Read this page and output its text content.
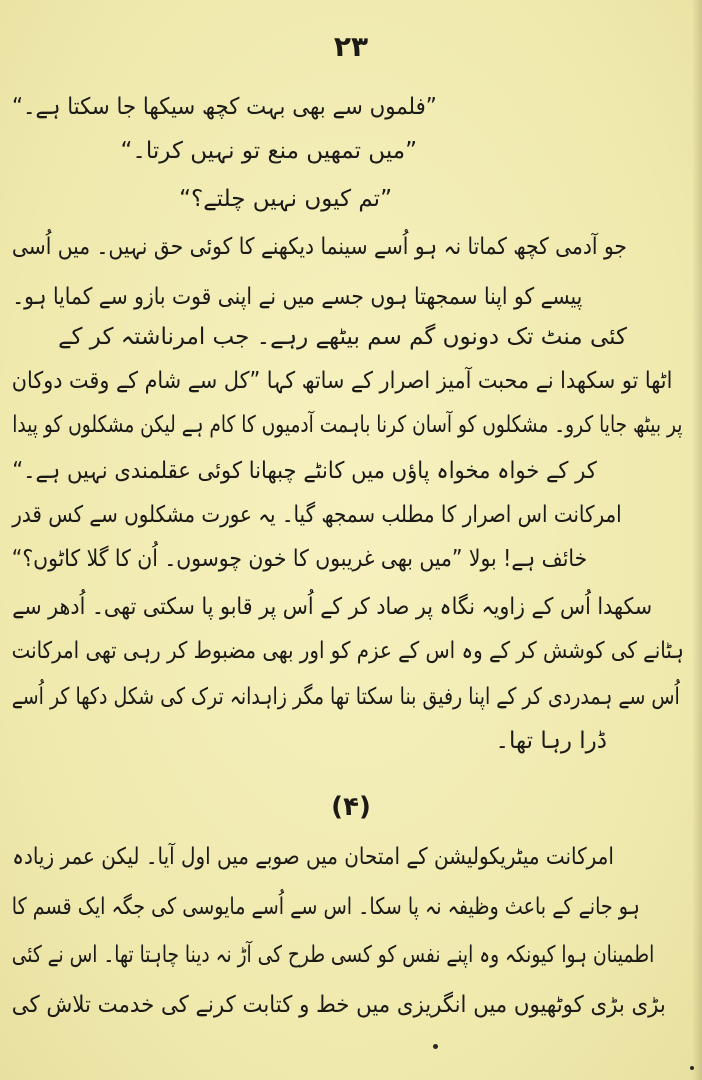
۲۳
”فلموں سے بھی بہت کچھ سیکھا جا سکتا ہے۔“
”میں تمھیں منع تو نہیں کرتا۔“
”تم کیوں نہیں چلتے؟“
جو آدمی کچھ کماتا نہ ہو اُسے سینما دیکھنے کا کوئی حق نہیں۔ میں اُسی
پیسے کو اپنا سمجھتا ہوں جسے میں نے اپنی قوت بازو سے کمایا ہو۔
کئی منٹ تک دونوں گم سم بیٹھے رہے۔ جب امرناشتہ کر کے
اٹھا تو سکھدا نے محبت آمیز اصرار کے ساتھ کہا ”کل سے شام کے وقت دوکان
پر بیٹھ جایا کرو۔ مشکلوں کو آسان کرنا باہمت آدمیوں کا کام ہے لیکن مشکلوں کو پیدا
کر کے خواہ مخواہ پاؤں میں کانٹے چبھانا کوئی عقلمندی نہیں ہے۔“
امرکانت اس اصرار کا مطلب سمجھ گیا۔ یہ عورت مشکلوں سے کس قدر
خائف ہے! بولا ”میں بھی غریبوں کا خون چوسوں۔ اُن کا گلا کاٹوں؟“
سکھدا اُس کے زاویہ نگاہ پر صاد کر کے اُس پر قابو پا سکتی تھی۔ اُدھر سے
ہٹانے کی کوشش کر کے وہ اس کے عزم کو اور بھی مضبوط کر رہی تھی امرکانت
اُس سے ہمدردی کر کے اپنا رفیق بنا سکتا تھا مگر زاہدانہ ترک کی شکل دکھا کر اُسے
ڈرا رہا تھا۔
(۴)
امرکانت میٹریکولیشن کے امتحان میں صوبے میں اول آیا۔ لیکن عمر زیادہ
ہو جانے کے باعث وظیفہ نہ پا سکا۔ اس سے اُسے مایوسی کی جگہ ایک قسم کا
اطمینان ہوا کیونکہ وہ اپنے نفس کو کسی طرح کی آڑ نہ دینا چاہتا تھا۔ اس نے کئی
بڑی بڑی کوٹھیوں میں انگریزی میں خط و کتابت کرنے کی خدمت تلاش کی
